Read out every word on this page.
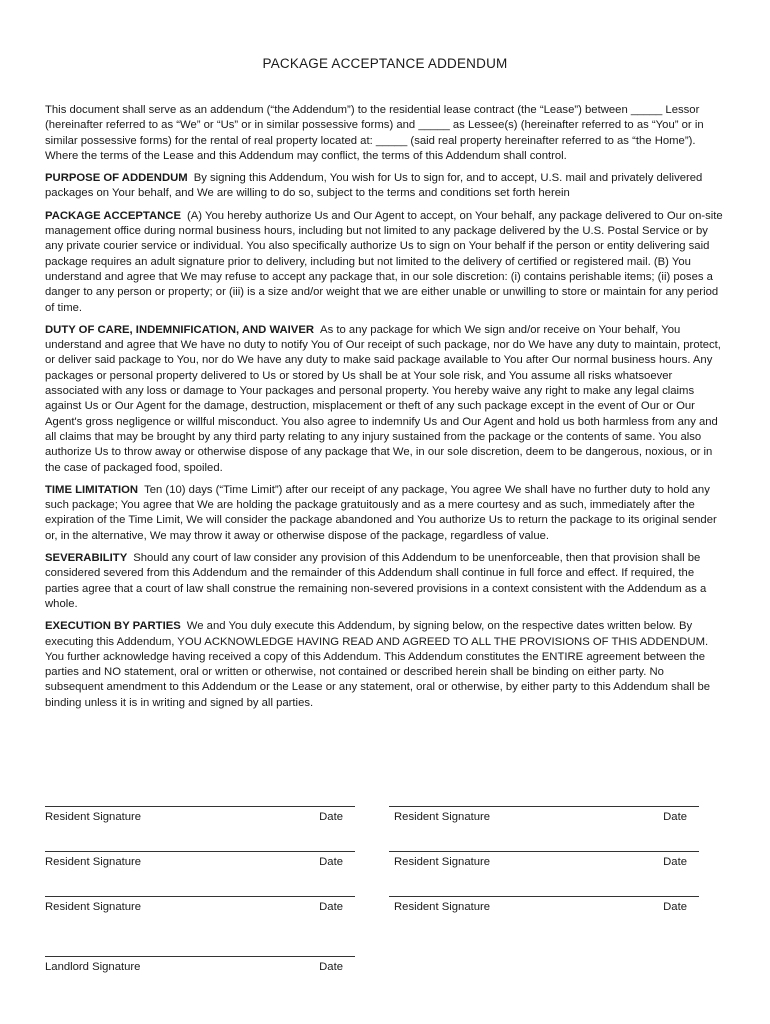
PACKAGE ACCEPTANCE ADDENDUM

This document shall serve as an addendum (“the Addendum”) to the residential lease contract (the “Lease”) between _____ Lessor (hereinafter referred to as “We” or “Us” or in similar possessive forms) and _____ as Lessee(s) (hereinafter referred to as “You” or in similar possessive forms) for the rental of real property located at: _____ (said real property hereinafter referred to as “the Home”). Where the terms of the Lease and this Addendum may conflict, the terms of this Addendum shall control.

PURPOSE OF ADDENDUM By signing this Addendum, You wish for Us to sign for, and to accept, U.S. mail and privately delivered packages on Your behalf, and We are willing to do so, subject to the terms and conditions set forth herein

PACKAGE ACCEPTANCE (A) You hereby authorize Us and Our Agent to accept, on Your behalf, any package delivered to Our on-site management office during normal business hours, including but not limited to any package delivered by the U.S. Postal Service or by any private courier service or individual. You also specifically authorize Us to sign on Your behalf if the person or entity delivering said package requires an adult signature prior to delivery, including but not limited to the delivery of certified or registered mail. (B) You understand and agree that We may refuse to accept any package that, in our sole discretion: (i) contains perishable items; (ii) poses a danger to any person or property; or (iii) is a size and/or weight that we are either unable or unwilling to store or maintain for any period of time.

DUTY OF CARE, INDEMNIFICATION, AND WAIVER As to any package for which We sign and/or receive on Your behalf, You understand and agree that We have no duty to notify You of Our receipt of such package, nor do We have any duty to maintain, protect, or deliver said package to You, nor do We have any duty to make said package available to You after Our normal business hours. Any packages or personal property delivered to Us or stored by Us shall be at Your sole risk, and You assume all risks whatsoever associated with any loss or damage to Your packages and personal property. You hereby waive any right to make any legal claims against Us or Our Agent for the damage, destruction, misplacement or theft of any such package except in the event of Our or Our Agent's gross negligence or willful misconduct. You also agree to indemnify Us and Our Agent and hold us both harmless from any and all claims that may be brought by any third party relating to any injury sustained from the package or the contents of same. You also authorize Us to throw away or otherwise dispose of any package that We, in our sole discretion, deem to be dangerous, noxious, or in the case of packaged food, spoiled.

TIME LIMITATION Ten (10) days (“Time Limit”) after our receipt of any package, You agree We shall have no further duty to hold any such package; You agree that We are holding the package gratuitously and as a mere courtesy and as such, immediately after the expiration of the Time Limit, We will consider the package abandoned and You authorize Us to return the package to its original sender or, in the alternative, We may throw it away or otherwise dispose of the package, regardless of value.

SEVERABILITY Should any court of law consider any provision of this Addendum to be unenforceable, then that provision shall be considered severed from this Addendum and the remainder of this Addendum shall continue in full force and effect. If required, the parties agree that a court of law shall construe the remaining non-severed provisions in a context consistent with the Addendum as a whole.

EXECUTION BY PARTIES We and You duly execute this Addendum, by signing below, on the respective dates written below. By executing this Addendum, YOU ACKNOWLEDGE HAVING READ AND AGREED TO ALL THE PROVISIONS OF THIS ADDENDUM. You further acknowledge having received a copy of this Addendum. This Addendum constitutes the ENTIRE agreement between the parties and NO statement, oral or written or otherwise, not contained or described herein shall be binding on either party. No subsequent amendment to this Addendum or the Lease or any statement, oral or otherwise, by either party to this Addendum shall be binding unless it is in writing and signed by all parties.

Resident Signature	Date	Resident Signature	Date
Resident Signature	Date	Resident Signature	Date
Resident Signature	Date	Resident Signature	Date
Landlord Signature	Date
